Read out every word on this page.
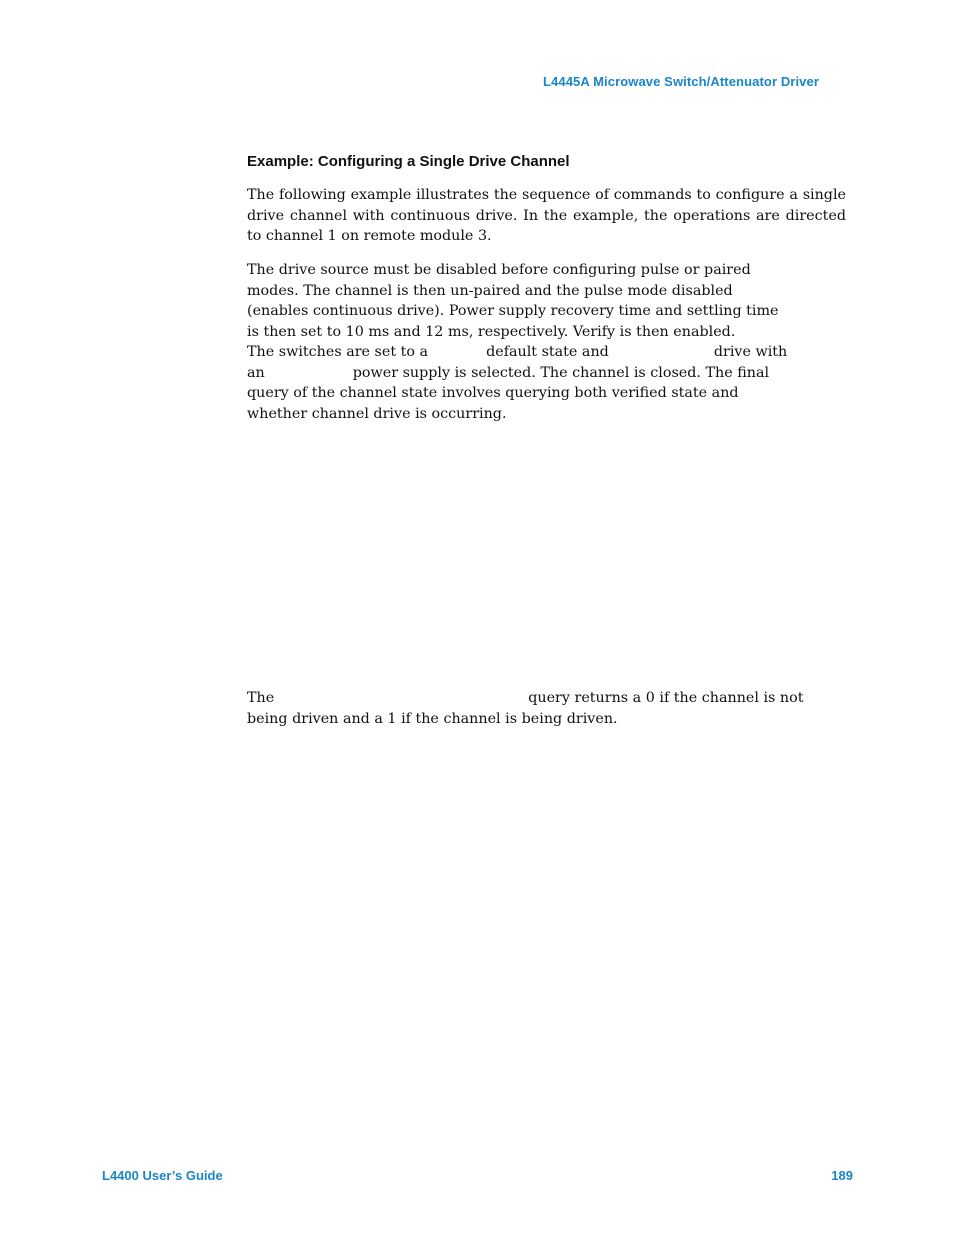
L4445A Microwave Switch/Attenuator Driver
Example: Configuring a Single Drive Channel

The following example illustrates the sequence of commands to configure a single drive channel with continuous drive. In the example, the operations are directed to channel 1 on remote module 3.

The drive source must be disabled before configuring pulse or paired
modes. The channel is then un-paired and the pulse mode disabled
(enables continuous drive). Power supply recovery time and settling time
is then set to 10 ms and 12 ms, respectively. Verify is then enabled.
The switches are set to a	default state and	drive with
an	power supply is selected. The channel is closed. The final
query of the channel state involves querying both verified state and
whether channel drive is occurring.
The	query returns a 0 if the channel is not
being driven and a 1 if the channel is being driven.
L4400 User’s Guide	189
